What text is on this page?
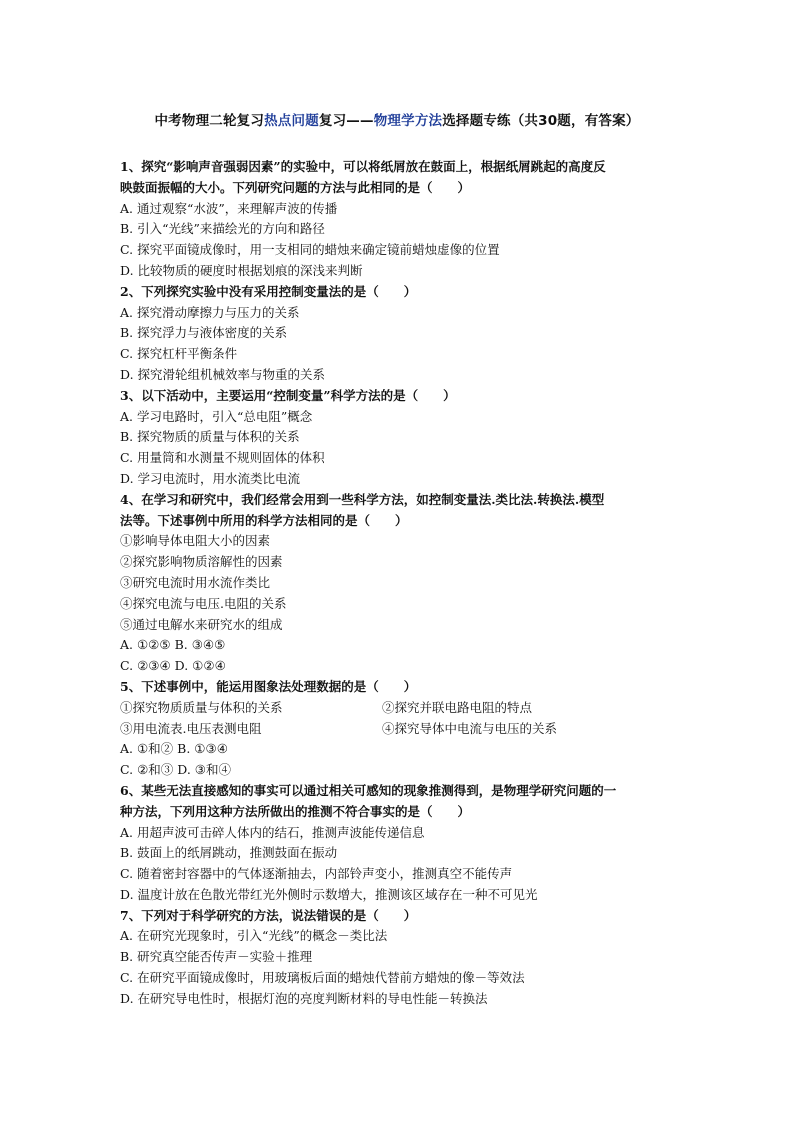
中考物理二轮复习热点问题复习——物理学方法选择题专练（共30题，有答案）
1、探究“影响声音强弱因素”的实验中，可以将纸屑放在鼓面上，根据纸屑跳起的高度反
映鼓面振幅的大小。下列研究问题的方法与此相同的是（　　）
A. 通过观察“水波”，来理解声波的传播
B. 引入“光线”来描绘光的方向和路径
C. 探究平面镜成像时，用一支相同的蜡烛来确定镜前蜡烛虚像的位置
D. 比较物质的硬度时根据划痕的深浅来判断
2、下列探究实验中没有采用控制变量法的是（　　）
A. 探究滑动摩擦力与压力的关系
B. 探究浮力与液体密度的关系
C. 探究杠杆平衡条件
D. 探究滑轮组机械效率与物重的关系
3、以下活动中，主要运用“控制变量”科学方法的是（　　）
A. 学习电路时，引入“总电阻”概念
B. 探究物质的质量与体积的关系
C. 用量筒和水测量不规则固体的体积
D. 学习电流时，用水流类比电流
4、在学习和研究中，我们经常会用到一些科学方法，如控制变量法.类比法.转换法.模型
法等。下述事例中所用的科学方法相同的是（　　）
①影响导体电阻大小的因素
②探究影响物质溶解性的因素
③研究电流时用水流作类比
④探究电流与电压.电阻的关系
⑤通过电解水来研究水的组成
A. ①②⑤ B. ③④⑤
C. ②③④ D. ①②④
5、下述事例中，能运用图象法处理数据的是（　　）
①探究物质质量与体积的关系	②探究并联电路电阻的特点
③用电流表.电压表测电阻	④探究导体中电流与电压的关系
A. ①和② B. ①③④
C. ②和③ D. ③和④
6、某些无法直接感知的事实可以通过相关可感知的现象推测得到，是物理学研究问题的一
种方法，下列用这种方法所做出的推测不符合事实的是（　　）
A. 用超声波可击碎人体内的结石，推测声波能传递信息
B. 鼓面上的纸屑跳动，推测鼓面在振动
C. 随着密封容器中的气体逐渐抽去，内部铃声变小，推测真空不能传声
D. 温度计放在色散光带红光外侧时示数增大，推测该区域存在一种不可见光
7、下列对于科学研究的方法，说法错误的是（　　）
A. 在研究光现象时，引入“光线”的概念－类比法
B. 研究真空能否传声－实验＋推理
C. 在研究平面镜成像时，用玻璃板后面的蜡烛代替前方蜡烛的像－等效法
D. 在研究导电性时，根据灯泡的亮度判断材料的导电性能－转换法
